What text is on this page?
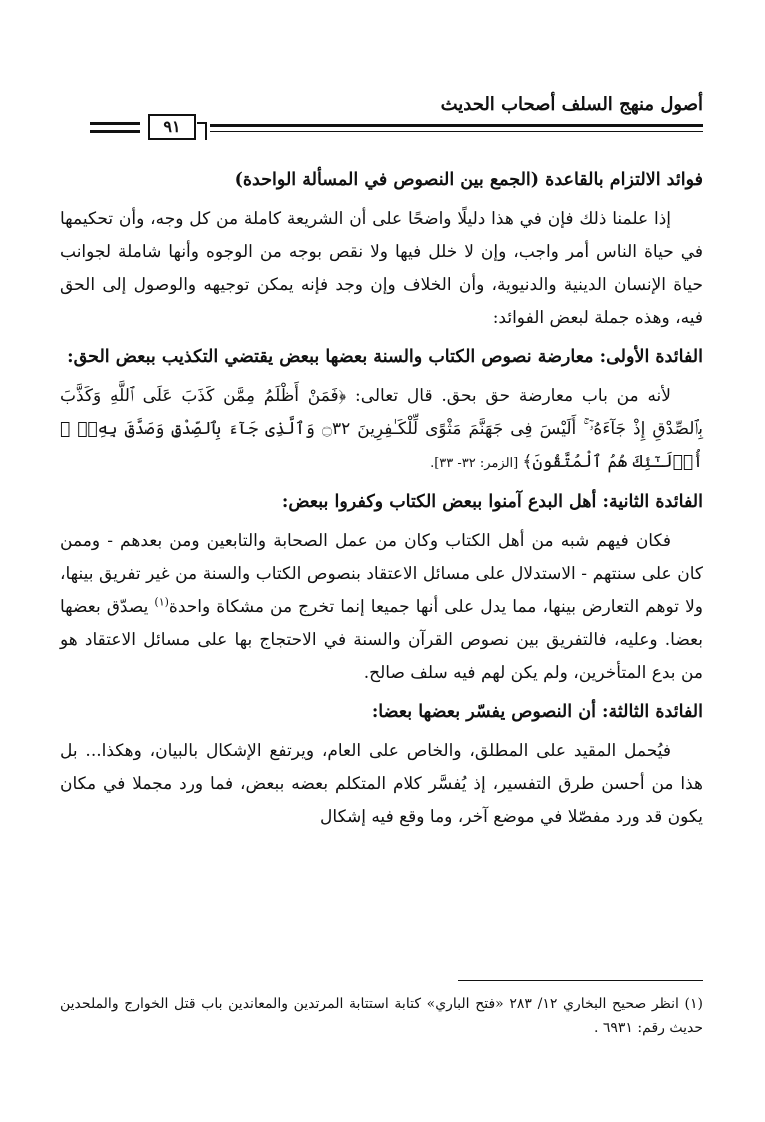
أصول منهج السلف أصحاب الحديث
٩١

فوائد الالتزام بالقاعدة (الجمع بين النصوص في المسألة الواحدة)

إذا علمنا ذلك فإن في هذا دليلًا واضحًا على أن الشريعة كاملة من كل وجه، وأن تحكيمها في حياة الناس أمر واجب، وإن لا خلل فيها ولا نقص بوجه من الوجوه وأنها شاملة لجوانب حياة الإنسان الدينية والدنيوية، وأن الخلاف وإن وجد فإنه يمكن توجيهه والوصول إلى الحق فيه، وهذه جملة لبعض الفوائد:

الفائدة الأولى: معارضة نصوص الكتاب والسنة بعضها ببعض يقتضي التكذيب ببعض الحق:

لأنه من باب معارضة حق بحق. قال تعالى: ﴿فَمَنْ أَظْلَمُ مِمَّن كَذَبَ عَلَى ٱللَّهِ وَكَذَّبَ بِٱلصِّدْقِ إِذْ جَآءَهُۥٓ ۚ أَلَيْسَ فِى جَهَنَّمَ مَثْوًى لِّلْكَـٰفِرِينَ ۝٣٢ وَٱلَّذِى جَآءَ بِٱلصِّدْقِ وَصَدَّقَ بِهِۦٓ ۙ أُو۟لَـٰٓئِكَ هُمُ ٱلْمُتَّقُونَ﴾ [الزمر: ٣٢- ٣٣].

الفائدة الثانية: أهل البدع آمنوا ببعض الكتاب وكفروا ببعض:

فكان فيهم شبه من أهل الكتاب وكان من عمل الصحابة والتابعين ومن بعدهم - وممن كان على سنتهم - الاستدلال على مسائل الاعتقاد بنصوص الكتاب والسنة من غير تفريق بينها، ولا توهم التعارض بينها، مما يدل على أنها جميعا إنما تخرج من مشكاة واحدة$^{(١)}$ يصدّق بعضها بعضا. وعليه، فالتفريق بين نصوص القرآن والسنة في الاحتجاج بها على مسائل الاعتقاد هو من بدع المتأخرين، ولم يكن لهم فيه سلف صالح.

الفائدة الثالثة: أن النصوص يفسّر بعضها بعضا:

فيُحمل المقيد على المطلق، والخاص على العام، ويرتفع الإشكال بالبيان، وهكذا... بل هذا من أحسن طرق التفسير، إذ يُفسَّر كلام المتكلم بعضه ببعض، فما ورد مجملا في مكان يكون قد ورد مفصّلا في موضع آخر، وما وقع فيه إشكال

(١) انظر صحيح البخاري ١٢/ ٢٨٣ «فتح الباري» كتابة استتابة المرتدين والمعاندين باب قتل الخوارج والملحدين حديث رقم: ٦٩٣١ .
